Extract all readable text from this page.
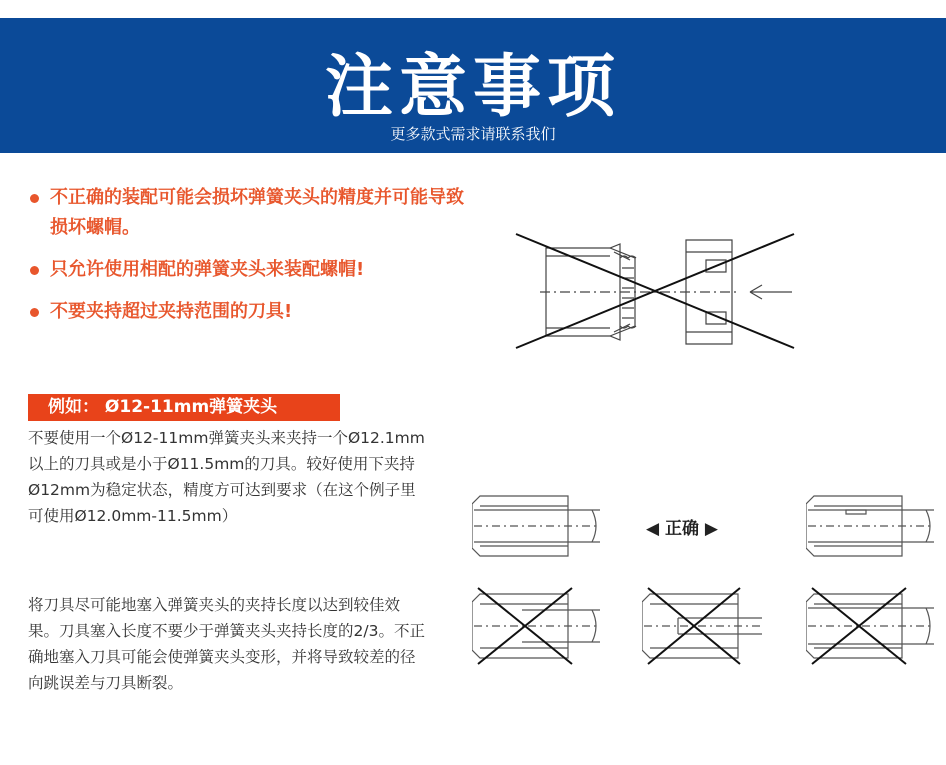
注意事项
更多款式需求请联系我们
不正确的装配可能会损坏弹簧夹头的精度并可能导致损坏螺帽。
只允许使用相配的弹簧夹头来装配螺帽!
不要夹持超过夹持范围的刀具!
例如： Ø12-11mm弹簧夹头
不要使用一个Ø12-11mm弹簧夹头来夹持一个Ø12.1mm以上的刀具或是小于Ø11.5mm的刀具。较好使用下夹持Ø12mm为稳定状态，精度方可达到要求（在这个例子里可使用Ø12.0mm-11.5mm）
将刀具尽可能地塞入弹簧夹头的夹持长度以达到较佳效果。刀具塞入长度不要少于弹簧夹头夹持长度的2/3。不正确地塞入刀具可能会使弹簧夹头变形，并将导致较差的径向跳误差与刀具断裂。
◀ 正确 ▶
